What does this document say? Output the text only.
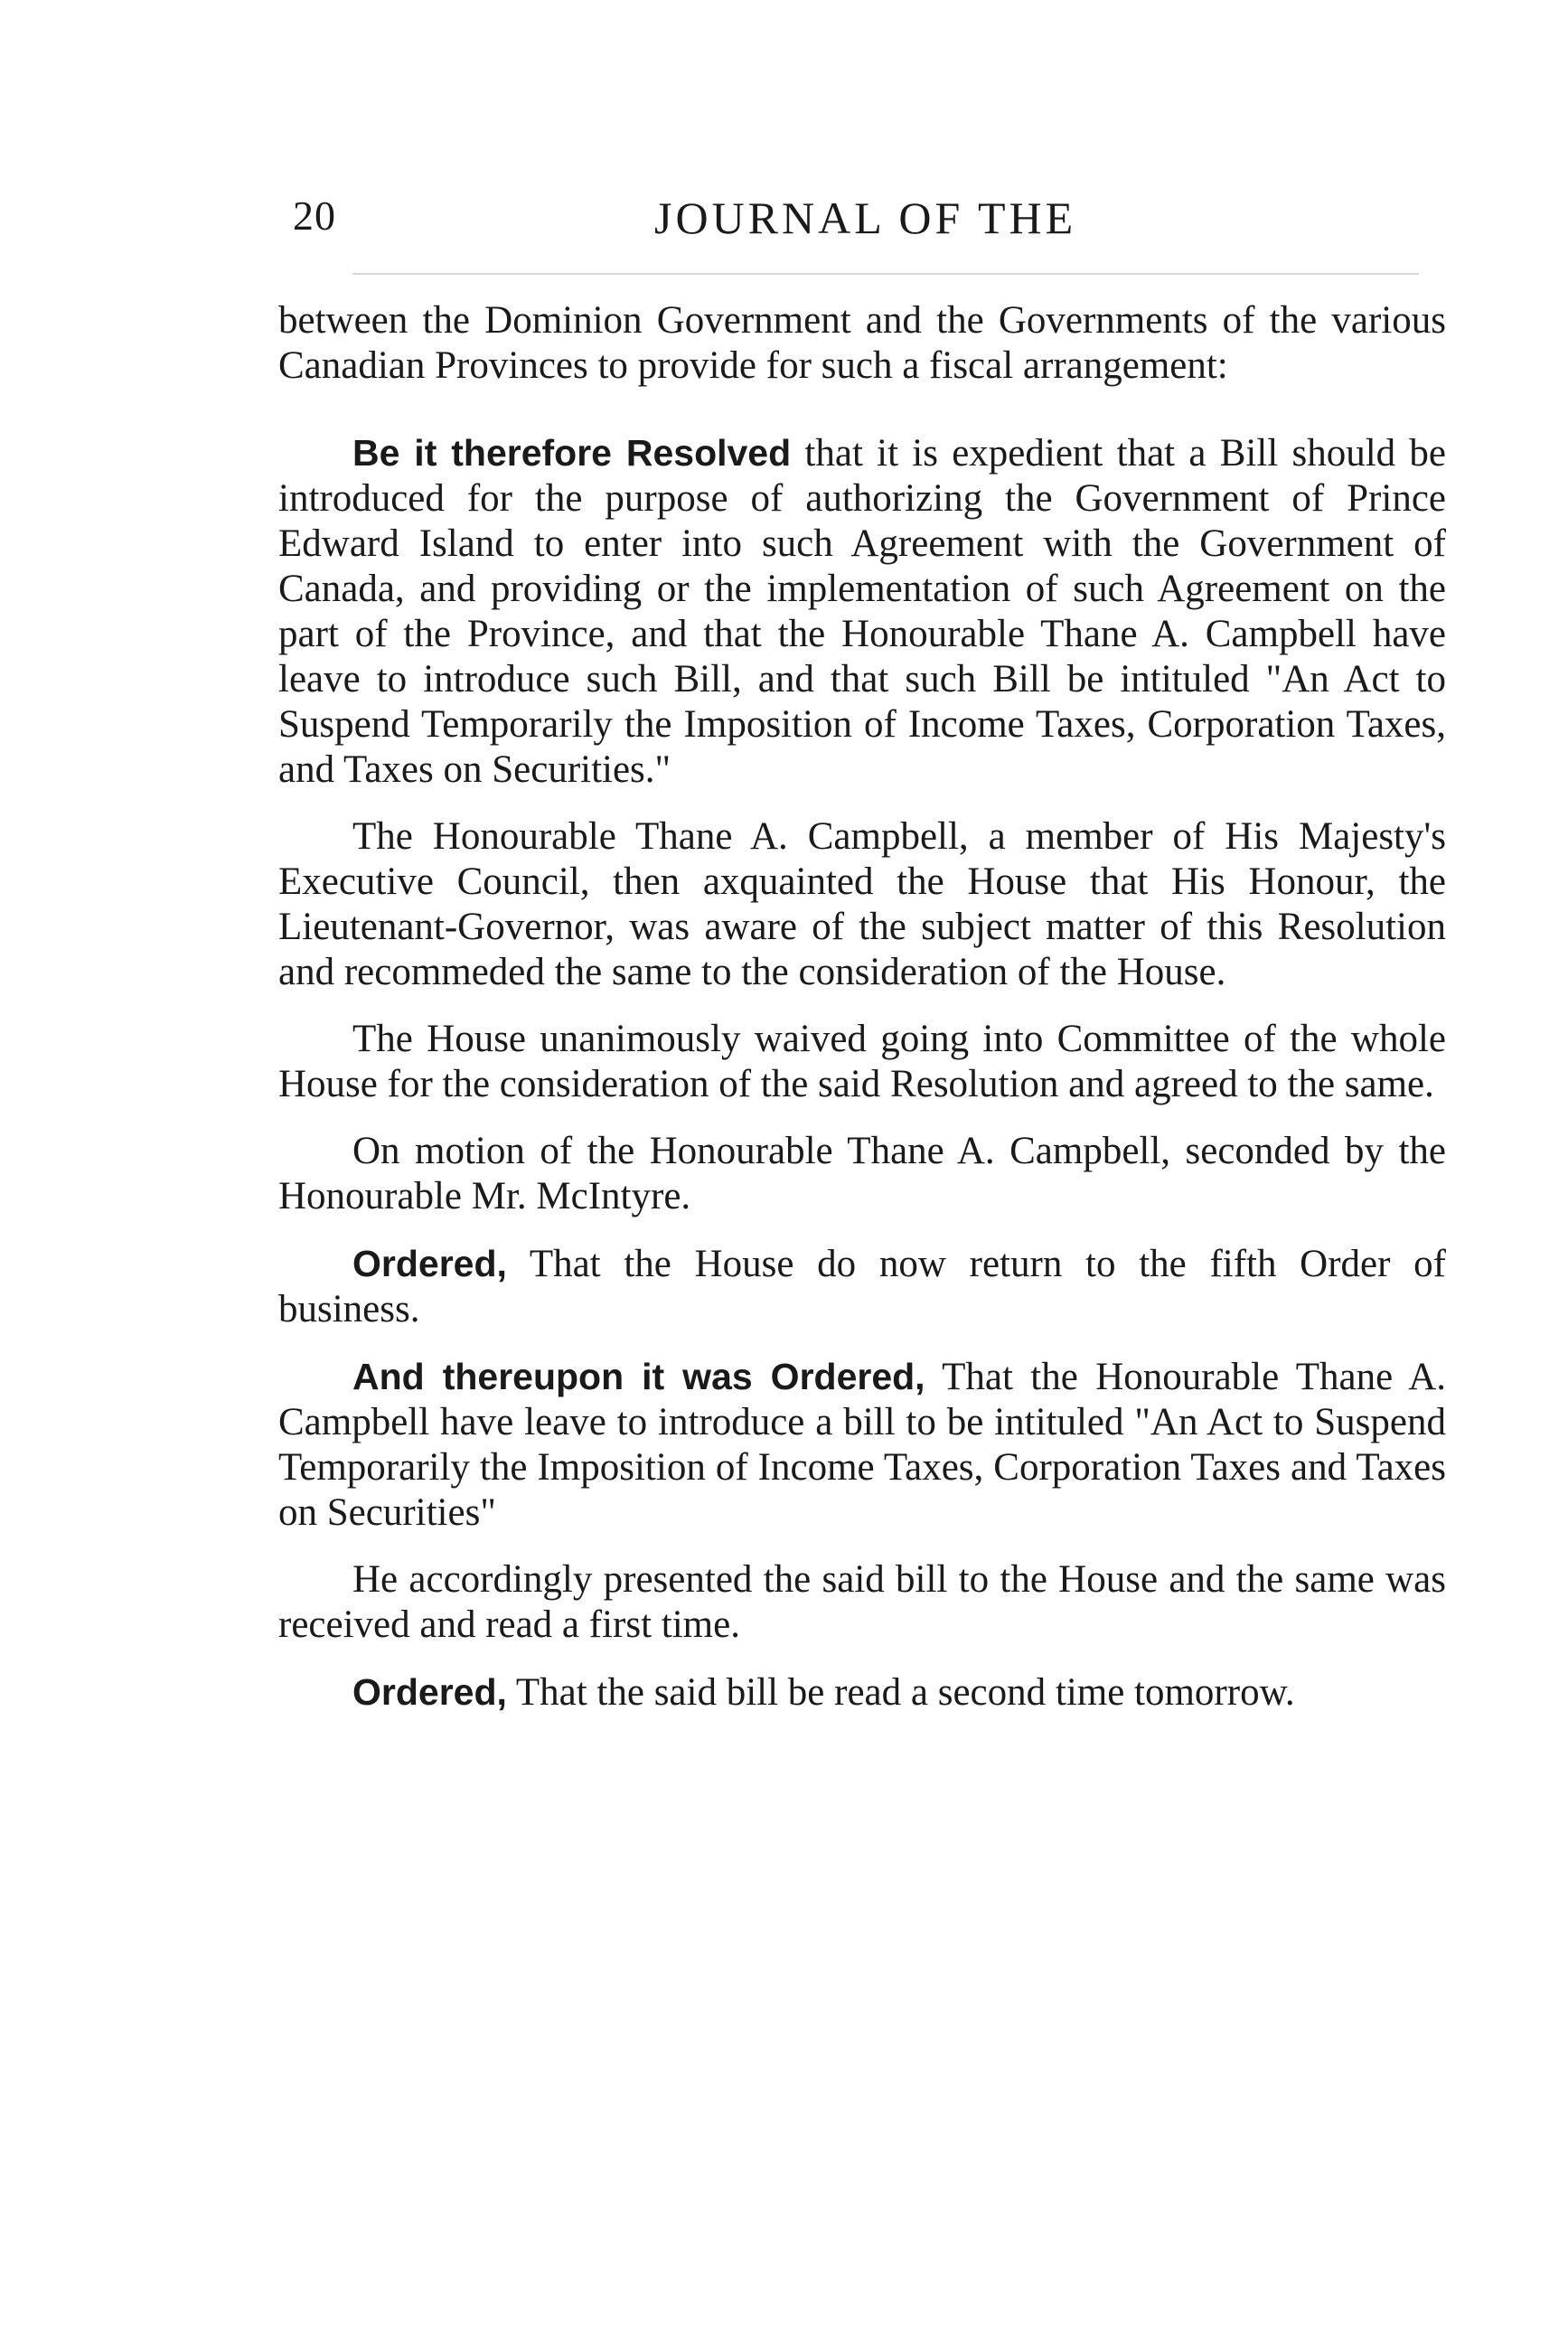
20	JOURNAL OF THE

between the Dominion Government and the Governments of the various Canadian Provinces to provide for such a fiscal arrangement:

Be it therefore Resolved that it is expedient that a Bill should be introduced for the purpose of authorizing the Government of Prince Edward Island to enter into such Agreement with the Government of Canada, and providing or the implementation of such Agreement on the part of the Province, and that the Honourable Thane A. Campbell have leave to introduce such Bill, and that such Bill be intituled "An Act to Suspend Temporarily the Imposition of Income Taxes, Corporation Taxes, and Taxes on Securities."

The Honourable Thane A. Campbell, a member of His Majesty's Executive Council, then axquainted the House that His Honour, the Lieutenant-Governor, was aware of the subject matter of this Resolution and recommeded the same to the consideration of the House.

The House unanimously waived going into Committee of the whole House for the consideration of the said Resolution and agreed to the same.

On motion of the Honourable Thane A. Campbell, seconded by the Honourable Mr. McIntyre.

Ordered, That the House do now return to the fifth Order of business.

And thereupon it was Ordered, That the Honourable Thane A. Campbell have leave to introduce a bill to be intituled "An Act to Suspend Temporarily the Imposition of Income Taxes, Corporation Taxes and Taxes on Securities"

He accordingly presented the said bill to the House and the same was received and read a first time.

Ordered, That the said bill be read a second time tomorrow.
